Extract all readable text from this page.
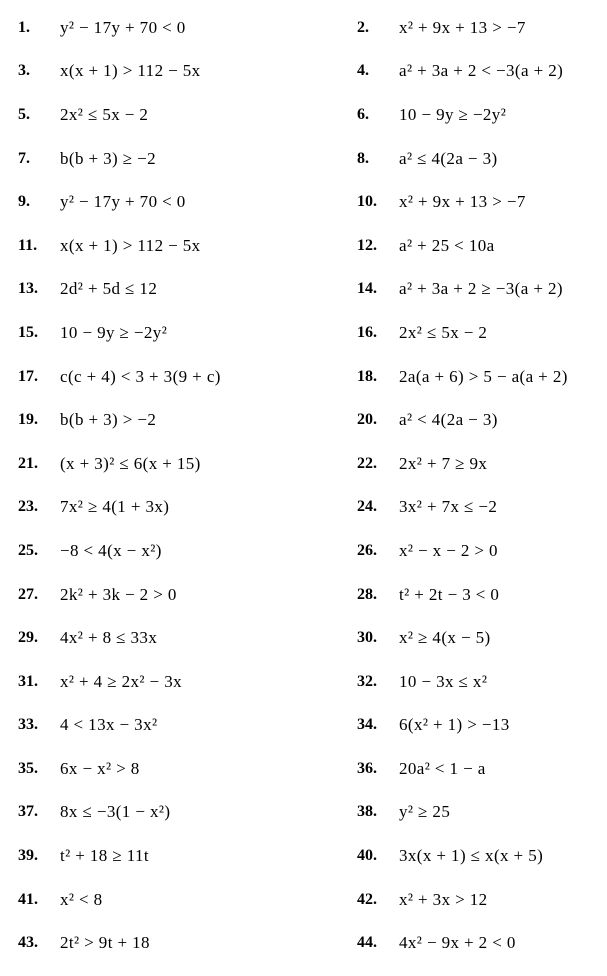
1.	y² − 17y + 70 < 0	2.	x² + 9x + 13 > −7
3.	x(x + 1) > 112 − 5x	4.	a² + 3a + 2 < −3(a + 2)
5.	2x² ≤ 5x − 2	6.	10 − 9y ≥ −2y²
7.	b(b + 3) ≥ −2	8.	a² ≤ 4(2a − 3)
9.	y² − 17y + 70 < 0	10.	x² + 9x + 13 > −7
11.	x(x + 1) > 112 − 5x	12.	a² + 25 < 10a
13.	2d² + 5d ≤ 12	14.	a² + 3a + 2 ≥ −3(a + 2)
15.	10 − 9y ≥ −2y²	16.	2x² ≤ 5x − 2
17.	c(c + 4) < 3 + 3(9 + c)	18.	2a(a + 6) > 5 − a(a + 2)
19.	b(b + 3) > −2	20.	a² < 4(2a − 3)
21.	(x + 3)² ≤ 6(x + 15)	22.	2x² + 7 ≥ 9x
23.	7x² ≥ 4(1 + 3x)	24.	3x² + 7x ≤ −2
25.	−8 < 4(x − x²)	26.	x² − x − 2 > 0
27.	2k² + 3k − 2 > 0	28.	t² + 2t − 3 < 0
29.	4x² + 8 ≤ 33x	30.	x² ≥ 4(x − 5)
31.	x² + 4 ≥ 2x² − 3x	32.	10 − 3x ≤ x²
33.	4 < 13x − 3x²	34.	6(x² + 1) > −13
35.	6x − x² > 8	36.	20a² < 1 − a
37.	8x ≤ −3(1 − x²)	38.	y² ≥ 25
39.	t² + 18 ≥ 11t	40.	3x(x + 1) ≤ x(x + 5)
41.	x² < 8	42.	x² + 3x > 12
43.	2t² > 9t + 18	44.	4x² − 9x + 2 < 0
